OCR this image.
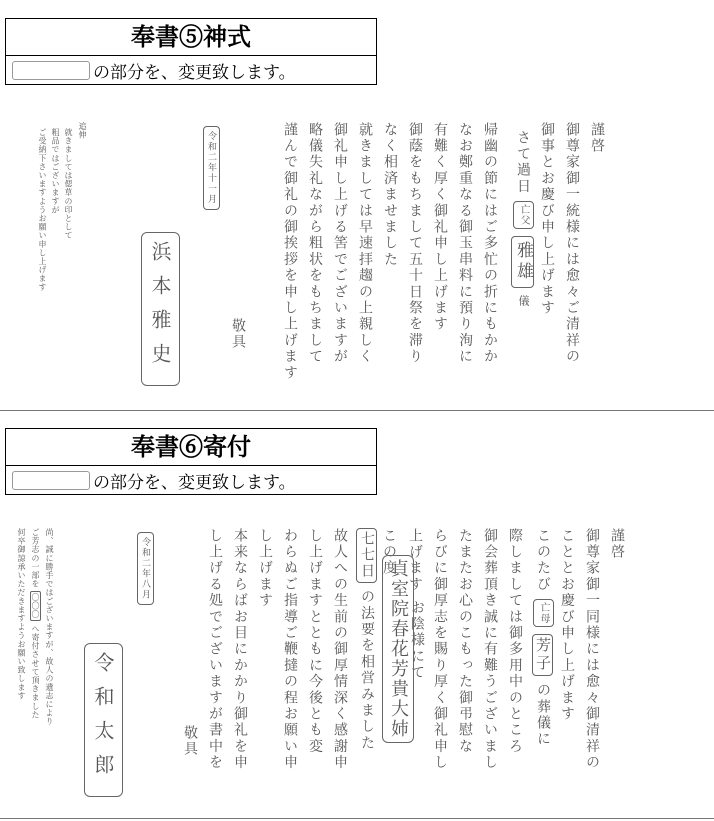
奉書⑤神式
の部分を、変更致します。
謹啓
御尊家御一統様には愈々ご清祥の
御事とお慶び申し上げます
さて過日 亡父 雅雄 儀
帰幽の節にはご多忙の折にもかか
なお鄭重なる御玉串料に預り洵に
有難く厚く御礼申し上げます
御蔭をもちまして五十日祭を滞り
なく相済ませました
就きましては早速拝趨の上親しく
御礼申し上げる筈でございますが
略儀失礼ながら粗状をもちまして
謹んで御礼の御挨拶を申し上げます
敬具
令和二年十一月
浜本雅史
追伸
就きましては偲草の印として
粗品ではございますが
ご受納下さいますようお願い申し上げます
奉書⑥寄付
の部分を、変更致します。
謹啓
御尊家御一同様には愈々御清祥の
こととお慶び申し上げます
このたび 亡母 芳子 の葬儀に
際しましては御多用中のところ
御会葬頂き誠に有難うございまし
たまたお心のこもった御弔慰な
らびに御厚志を賜り厚く御礼申し
上げます
お陰様にて
この度
貞室院春花芳貴大姉
七七日 の法要を相営みました
故人への生前の御厚情深く感謝申
し上げますとともに今後とも変
わらぬご指導ご鞭撻の程お願い申
し上げます
本来ならばお目にかかり御礼を申
し上げる処でございますが書中を
敬具
令和二年八月
令和太郎
尚、誠に勝手ではございますが、故人の遺志により
ご芳志の一部を 〇〇〇 へ寄付させて頂きました
何卒御諒承いただきますようお願い致します
